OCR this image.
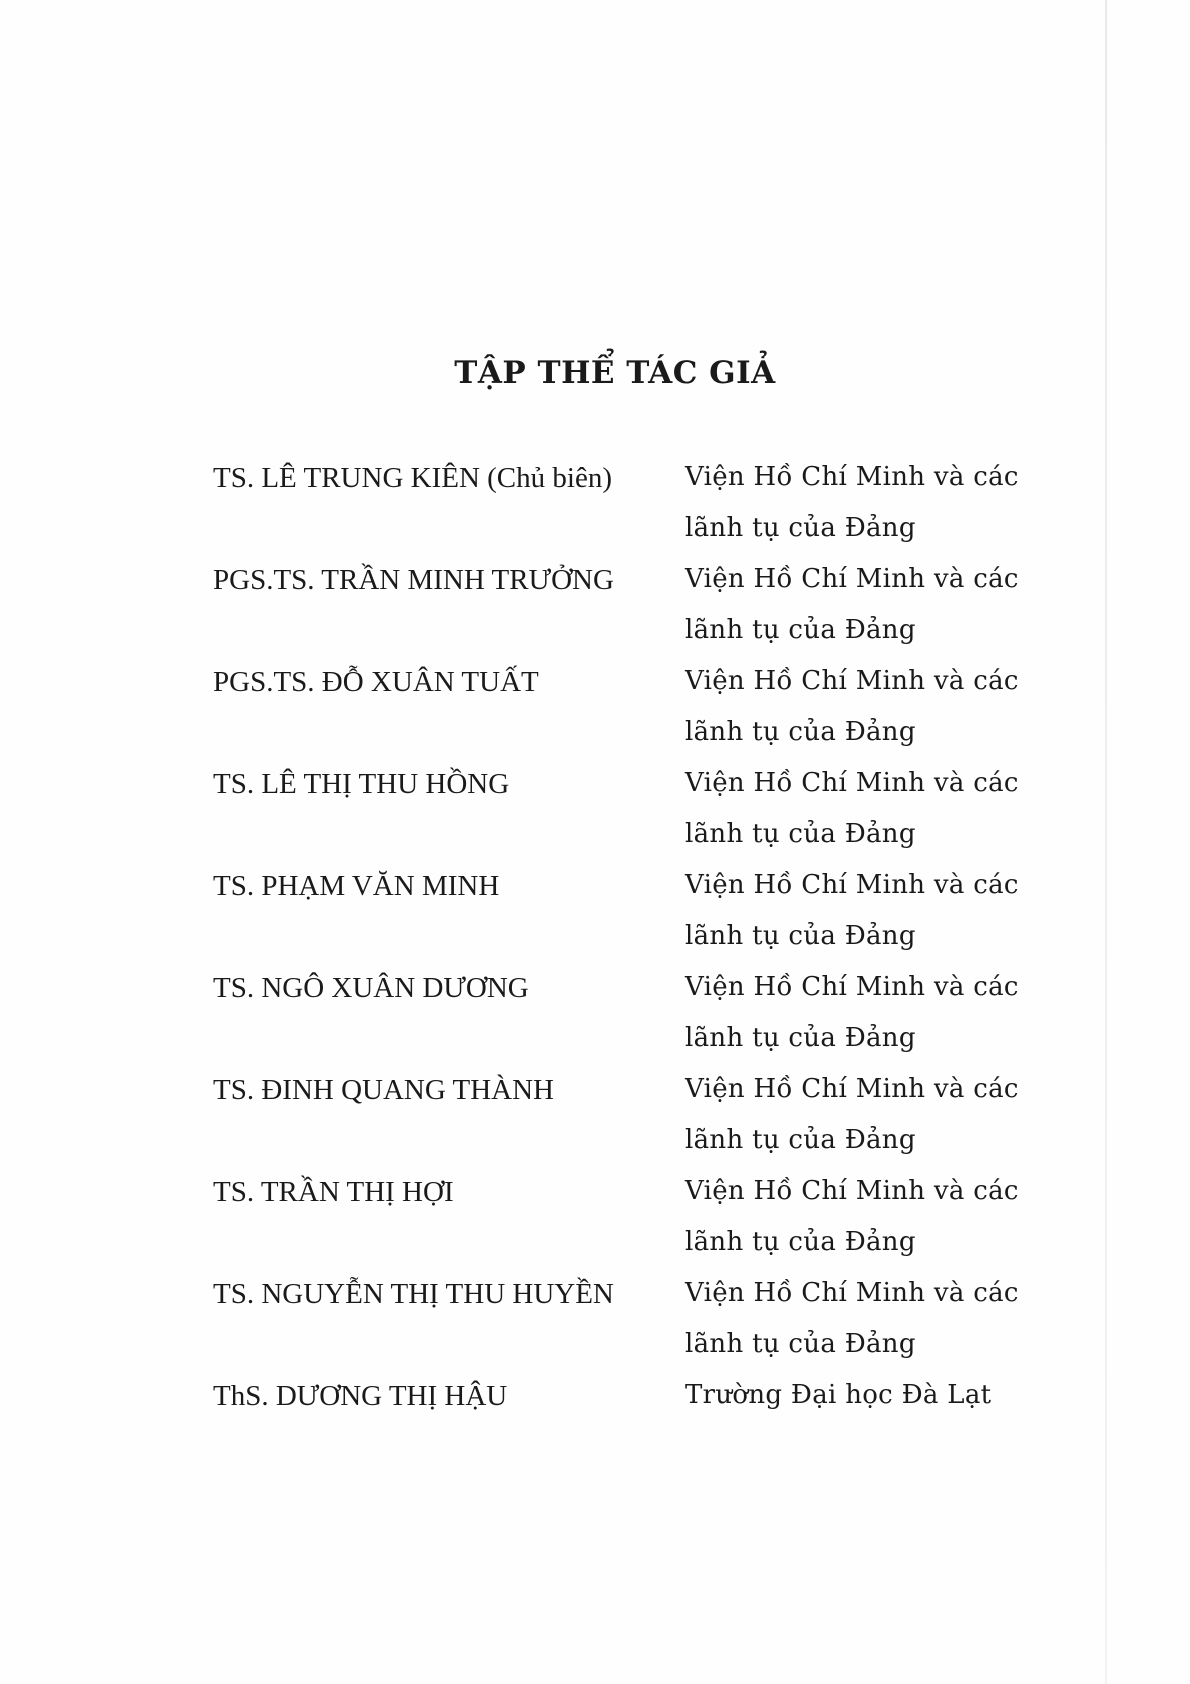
TẬP THỂ TÁC GIẢ
TS. LÊ TRUNG KIÊN (Chủ biên)	Viện Hồ Chí Minh và các
lãnh tụ của Đảng
PGS.TS. TRẦN MINH TRƯỞNG	Viện Hồ Chí Minh và các
lãnh tụ của Đảng
PGS.TS. ĐỖ XUÂN TUẤT	Viện Hồ Chí Minh và các
lãnh tụ của Đảng
TS. LÊ THỊ THU HỒNG	Viện Hồ Chí Minh và các
lãnh tụ của Đảng
TS. PHẠM VĂN MINH	Viện Hồ Chí Minh và các
lãnh tụ của Đảng
TS. NGÔ XUÂN DƯƠNG	Viện Hồ Chí Minh và các
lãnh tụ của Đảng
TS. ĐINH QUANG THÀNH	Viện Hồ Chí Minh và các
lãnh tụ của Đảng
TS. TRẦN THỊ HỢI	Viện Hồ Chí Minh và các
lãnh tụ của Đảng
TS. NGUYỄN THỊ THU HUYỀN	Viện Hồ Chí Minh và các
lãnh tụ của Đảng
ThS. DƯƠNG THỊ HẬU	Trường Đại học Đà Lạt
